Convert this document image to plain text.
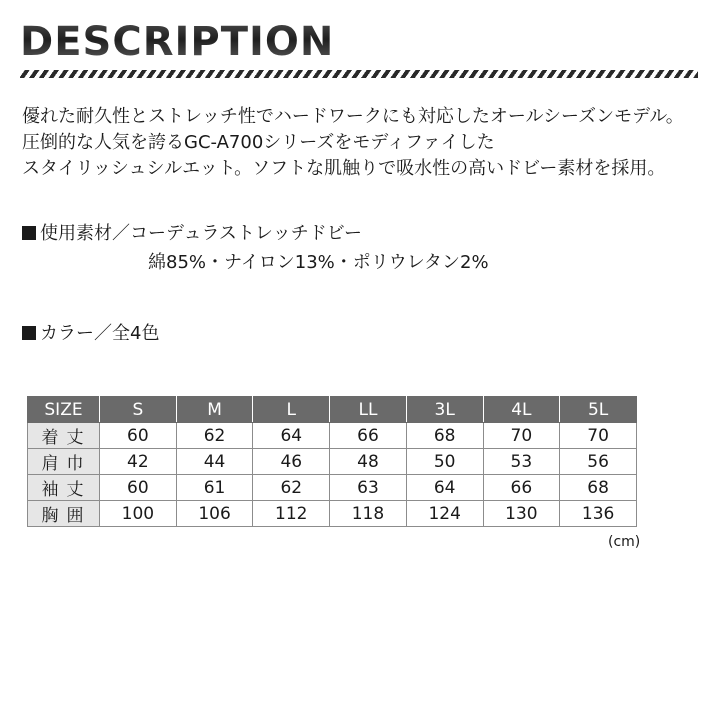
DESCRIPTION
優れた耐久性とストレッチ性でハードワークにも対応したオールシーズンモデル。
圧倒的な人気を誇るGC-A700シリーズをモディファイした
スタイリッシュシルエット。ソフトな肌触りで吸水性の高いドビー素材を採用。
使用素材／コーデュラストレッチドビー
綿85%・ナイロン13%・ポリウレタン2%
カラー／全4色
SIZE	S	M	L	LL	3L	4L	5L
着丈	60	62	64	66	68	70	70
肩巾	42	44	46	48	50	53	56
袖丈	60	61	62	63	64	66	68
胸囲	100	106	112	118	124	130	136
(cm)
